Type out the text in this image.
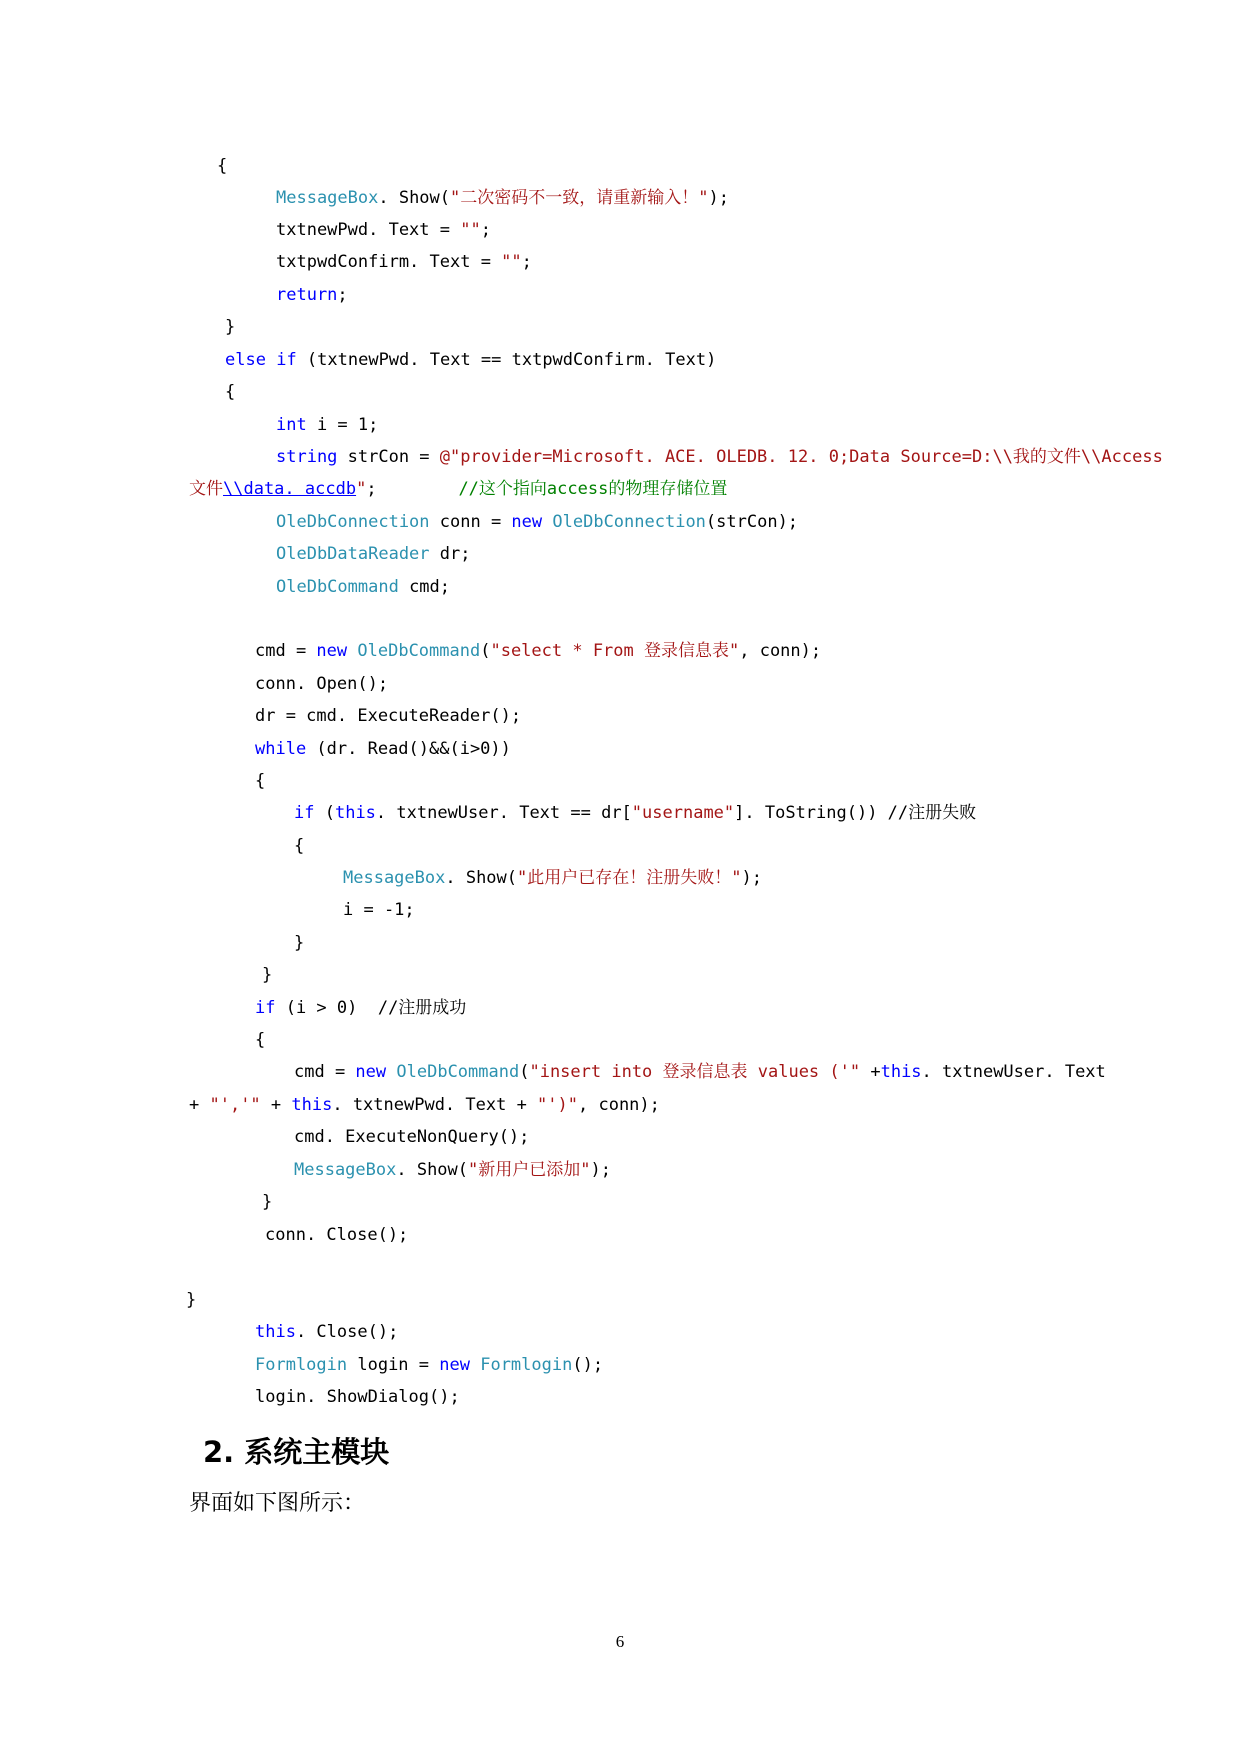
{
MessageBox. Show("二次密码不一致，请重新输入！");
txtnewPwd. Text = "";
txtpwdConfirm. Text = "";
return;
}
else if (txtnewPwd. Text == txtpwdConfirm. Text)
{
int i = 1;
string strCon = @"provider=Microsoft. ACE. OLEDB. 12. 0;Data Source=D:\\我的文件\\Access
文件\\data. accdb";        //这个指向access的物理存储位置
OleDbConnection conn = new OleDbConnection(strCon);
OleDbDataReader dr;
OleDbCommand cmd;
cmd = new OleDbCommand("select * From 登录信息表", conn);
conn. Open();
dr = cmd. ExecuteReader();
while (dr. Read()&&(i>0))
{
if (this. txtnewUser. Text == dr["username"]. ToString()) //注册失败
{
MessageBox. Show("此用户已存在！注册失败！");
i = -1;
}
}
if (i > 0)  //注册成功
{
cmd = new OleDbCommand("insert into 登录信息表 values ('" +this. txtnewUser. Text
+ "','" + this. txtnewPwd. Text + "')", conn);
cmd. ExecuteNonQuery();
MessageBox. Show("新用户已添加");
}
conn. Close();
}
this. Close();
Formlogin login = new Formlogin();
login. ShowDialog();
2. 系统主模块
界面如下图所示：
6
